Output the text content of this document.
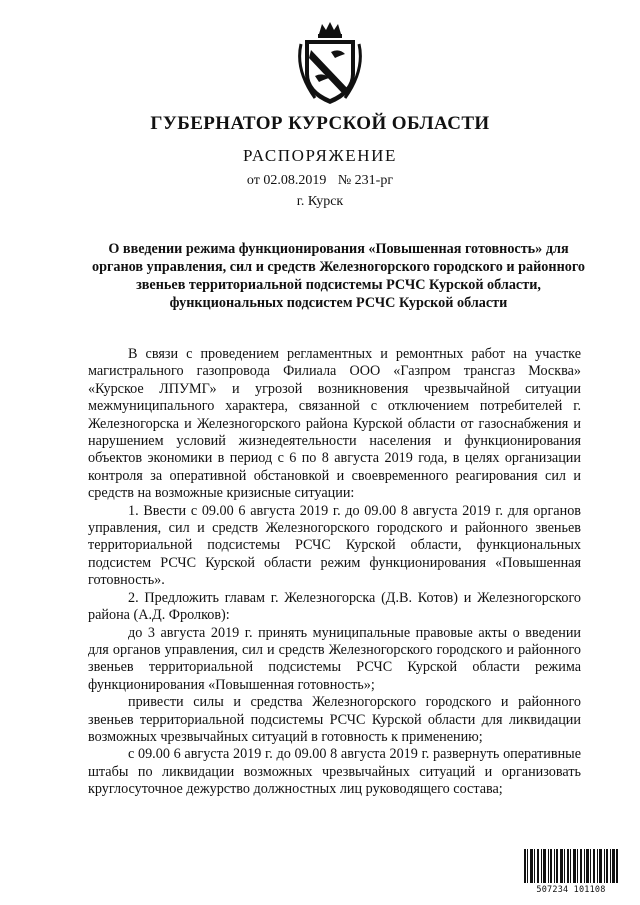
ГУБЕРНАТОР КУРСКОЙ ОБЛАСТИ
РАСПОРЯЖЕНИЕ
от 02.08.2019 № 231-рг
г. Курск
О введении режима функционирования «Повышенная готовность» для органов управления, сил и средств Железногорского городского и районного звеньев территориальной подсистемы РСЧС Курской области, функциональных подсистем РСЧС Курской области

В связи с проведением регламентных и ремонтных работ на участке магистрального газопровода Филиала ООО «Газпром трансгаз Москва» «Курское ЛПУМГ» и угрозой возникновения чрезвычайной ситуации межмуниципального характера, связанной с отключением потребителей г. Железногорска и Железногорского района Курской области от газоснабжения и нарушением условий жизнедеятельности населения и функционирования объектов экономики в период с 6 по 8 августа 2019 года, в целях организации контроля за оперативной обстановкой и своевременного реагирования сил и средств на возможные кризисные ситуации:

1. Ввести с 09.00 6 августа 2019 г. до 09.00 8 августа 2019 г. для органов управления, сил и средств Железногорского городского и районного звеньев территориальной подсистемы РСЧС Курской области, функциональных подсистем РСЧС Курской области режим функционирования «Повышенная готовность».

2. Предложить главам г. Железногорска (Д.В. Котов) и Железногорского района (А.Д. Фролков):

до 3 августа 2019 г. принять муниципальные правовые акты о введении для органов управления, сил и средств Железногорского городского и районного звеньев территориальной подсистемы РСЧС Курской области режима функционирования «Повышенная готовность»;

привести силы и средства Железногорского городского и районного звеньев территориальной подсистемы РСЧС Курской области для ликвидации возможных чрезвычайных ситуаций в готовность к применению;

с 09.00 6 августа 2019 г. до 09.00 8 августа 2019 г. развернуть оперативные штабы по ликвидации возможных чрезвычайных ситуаций и организовать круглосуточное дежурство должностных лиц руководящего состава;

507234 101108
